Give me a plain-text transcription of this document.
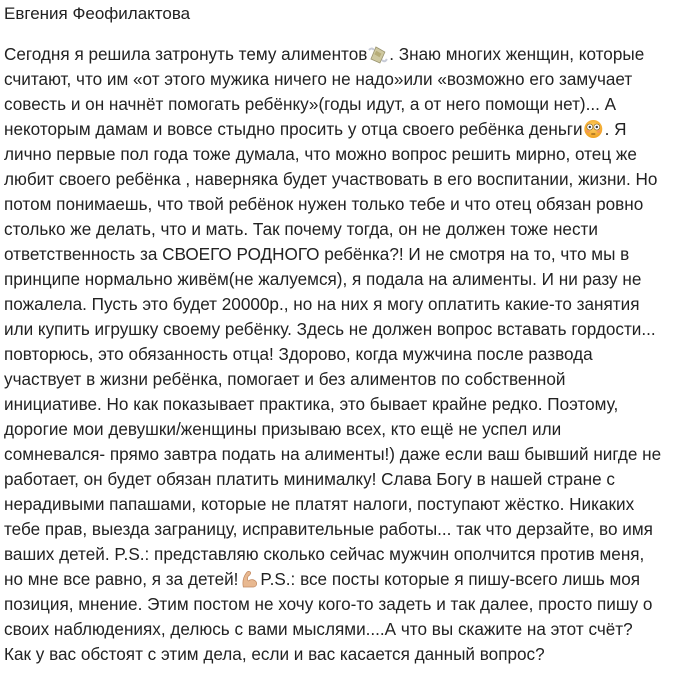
Евгения Феофилактова
Сегодня я решила затронуть тему алиментов. Знаю многих женщин, которые
считают, что им «от этого мужика ничего не надо»или «возможно его замучает
совесть и он начнёт помогать ребёнку»(годы идут, а от него помощи нет)... А
некоторым дамам и вовсе стыдно просить у отца своего ребёнка деньги . Я
лично первые пол года тоже думала, что можно вопрос решить мирно, отец же
любит своего ребёнка , наверняка будет участвовать в его воспитании, жизни. Но
потом понимаешь, что твой ребёнок нужен только тебе и что отец обязан ровно
столько же делать, что и мать. Так почему тогда, он не должен тоже нести
ответственность за СВОЕГО РОДНОГО ребёнка?! И не смотря на то, что мы в
принципе нормально живём(не жалуемся), я подала на алименты. И ни разу не
пожалела. Пусть это будет 20000р., но на них я могу оплатить какие-то занятия
или купить игрушку своему ребёнку. Здесь не должен вопрос вставать гордости...
повторюсь, это обязанность отца! Здорово, когда мужчина после развода
участвует в жизни ребёнка, помогает и без алиментов по собственной
инициативе. Но как показывает практика, это бывает крайне редко. Поэтому,
дорогие мои девушки/женщины призываю всех, кто ещё не успел или
сомневался- прямо завтра подать на алименты!) даже если ваш бывший нигде не
работает, он будет обязан платить минималку! Слава Богу в нашей стране с
нерадивыми папашами, которые не платят налоги, поступают жёстко. Никаких
тебе прав, выезда заграницу, исправительные работы... так что дерзайте, во имя
ваших детей. P.S.: представляю сколько сейчас мужчин ополчится против меня,
но мне все равно, я за детей! P.S.: все посты которые я пишу-всего лишь моя
позиция, мнение. Этим постом не хочу кого-то задеть и так далее, просто пишу о
своих наблюдениях, делюсь с вами мыслями....А что вы скажите на этот счёт?
Как у вас обстоят с этим дела, если и вас касается данный вопрос?
